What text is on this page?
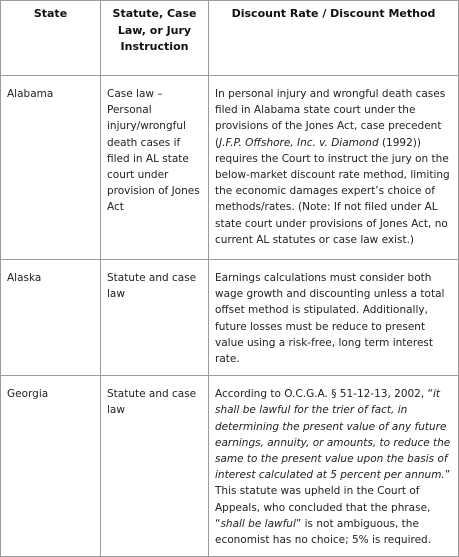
State	Statute, Case Law, or Jury Instruction	Discount Rate / Discount Method
Alabama	Case law – Personal injury/wrongful death cases if filed in AL state court under provision of Jones Act	In personal injury and wrongful death cases filed in Alabama state court under the provisions of the Jones Act, case precedent (J.F.P. Offshore, Inc. v. Diamond (1992)) requires the Court to instruct the jury on the below-market discount rate method, limiting the economic damages expert’s choice of methods/rates. (Note: If not filed under AL state court under provisions of Jones Act, no current AL statutes or case law exist.)
Alaska	Statute and case law	Earnings calculations must consider both wage growth and discounting unless a total offset method is stipulated. Additionally, future losses must be reduce to present value using a risk-free, long term interest rate.
Georgia	Statute and case law	According to O.C.G.A. § 51-12-13, 2002, “it shall be lawful for the trier of fact, in determining the present value of any future earnings, annuity, or amounts, to reduce the same to the present value upon the basis of interest calculated at 5 percent per annum.” This statute was upheld in the Court of Appeals, who concluded that the phrase, “shall be lawful” is not ambiguous, the economist has no choice; 5% is required.
